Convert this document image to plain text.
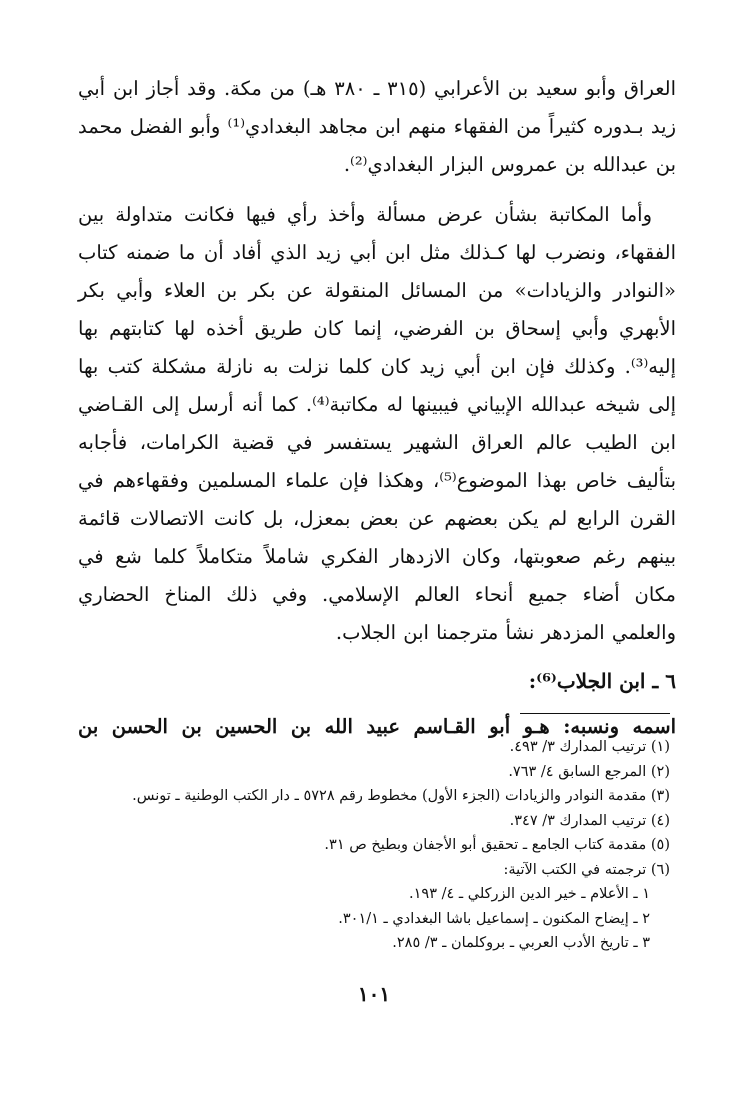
العراق وأبو سعيد بن الأعرابي (٣١٥ ـ ٣٨٠ هـ) من مكة. وقد أجاز ابن أبي زيد بـدوره كثيراً من الفقهاء منهم ابن مجاهد البغدادي⁽¹⁾ وأبو الفضل محمد بن عبدالله بن عمروس البزار البغدادي⁽²⁾.

وأما المكاتبة بشأن عرض مسألة وأخذ رأي فيها فكانت متداولة بين الفقهاء، ونضرب لها كـذلك مثل ابن أبي زيد الذي أفاد أن ما ضمنه كتاب «النوادر والزيادات» من المسائل المنقولة عن بكر بن العلاء وأبي بكر الأبهري وأبي إسحاق بن الفرضي، إنما كان طريق أخذه لها كتابتهم بها إليه⁽³⁾. وكذلك فإن ابن أبي زيد كان كلما نزلت به نازلة مشكلة كتب بها إلى شيخه عبدالله الإبياني فيبينها له مكاتبة⁽⁴⁾. كما أنه أرسل إلى القـاضي ابن الطيب عالم العراق الشهير يستفسر في قضية الكرامات، فأجابه بتأليف خاص بهذا الموضوع⁽⁵⁾، وهكذا فإن علماء المسلمين وفقهاءهم في القرن الرابع لم يكن بعضهم عن بعض بمعزل، بل كانت الاتصالات قائمة بينهم رغم صعوبتها، وكان الازدهار الفكري شاملاً متكاملاً كلما شع في مكان أضاء جميع أنحاء العالم الإسلامي. وفي ذلك المناخ الحضاري والعلمي المزدهر نشأ مترجمنا ابن الجلاب.

٦ ـ ابن الجلاب⁽⁶⁾:

اسمه ونسبه: هـو أبو القـاسم عبيد الله بن الحسين بن الحسن بن

(١) ترتيب المدارك ٣/ ٤٩٣.
(٢) المرجع السابق ٤/ ٧٦٣.
(٣) مقدمة النوادر والزيادات (الجزء الأول) مخطوط رقم ٥٧٢٨ ـ دار الكتب الوطنية ـ تونس.
(٤) ترتيب المدارك ٣/ ٣٤٧.
(٥) مقدمة كتاب الجامع ـ تحقيق أبو الأجفان وبطيخ ص ٣١.
(٦) ترجمته في الكتب الآتية:
١ ـ الأعلام ـ خير الدين الزركلي ـ ٤/ ١٩٣.
٢ ـ إيضاح المكنون ـ إسماعيل باشا البغدادي ـ ٣٠١/١.
٣ ـ تاريخ الأدب العربي ـ بروكلمان ـ ٣/ ٢٨٥.
١٠١
